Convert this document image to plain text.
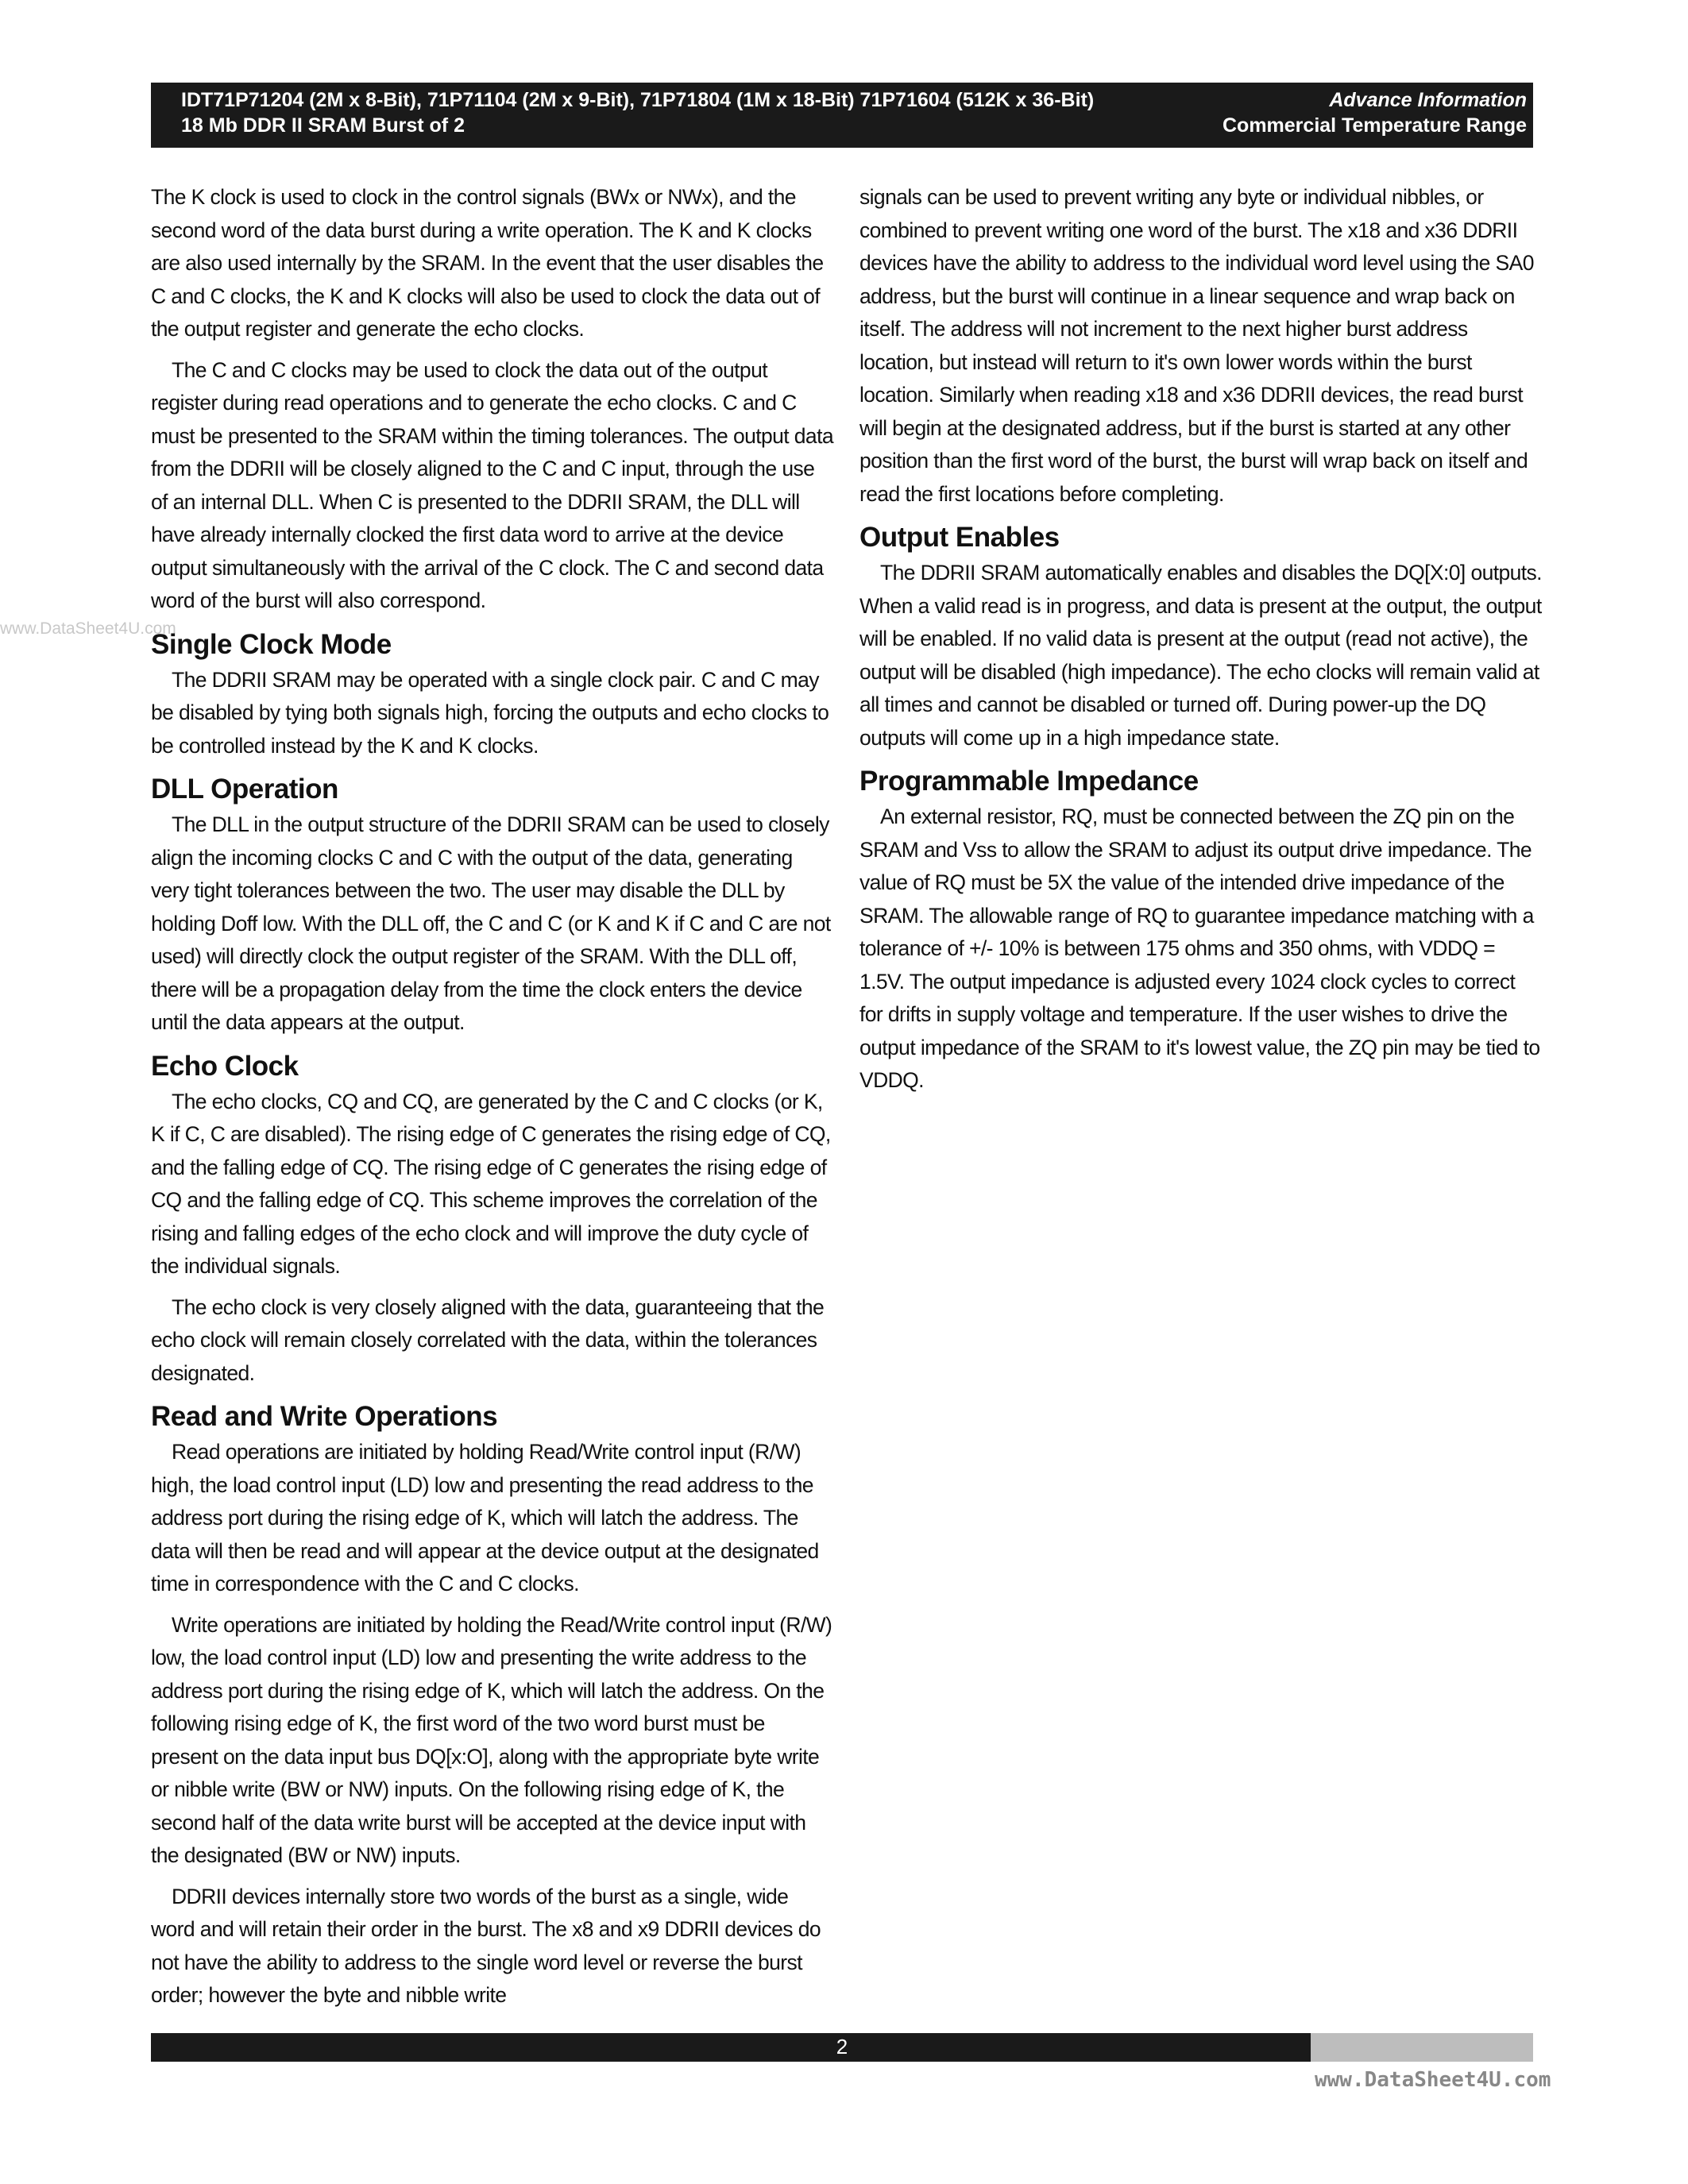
IDT71P71204 (2M x 8-Bit), 71P71104 (2M x 9-Bit), 71P71804 (1M x 18-Bit) 71P71604 (512K x 36-Bit)	Advance Information
18 Mb DDR II SRAM Burst of 2	Commercial Temperature Range
www.DataSheet4U.com

The K clock is used to clock in the control signals (BWx or NWx), and the second word of the data burst during a write operation. The K and K clocks are also used internally by the SRAM. In the event that the user disables the C and C clocks, the K and K clocks will also be used to clock the data out of the output register and generate the echo clocks.

The C and C clocks may be used to clock the data out of the output register during read operations and to generate the echo clocks. C and C must be presented to the SRAM within the timing tolerances. The output data from the DDRII will be closely aligned to the C and C input, through the use of an internal DLL. When C is presented to the DDRII SRAM, the DLL will have already internally clocked the first data word to arrive at the device output simultaneously with the arrival of the C clock. The C and second data word of the burst will also correspond.

Single Clock Mode

The DDRII SRAM may be operated with a single clock pair. C and C may be disabled by tying both signals high, forcing the outputs and echo clocks to be controlled instead by the K and K clocks.

DLL Operation

The DLL in the output structure of the DDRII SRAM can be used to closely align the incoming clocks C and C with the output of the data, generating very tight tolerances between the two. The user may disable the DLL by holding Doff low. With the DLL off, the C and C (or K and K if C and C are not used) will directly clock the output register of the SRAM. With the DLL off, there will be a propagation delay from the time the clock enters the device until the data appears at the output.

Echo Clock

The echo clocks, CQ and CQ, are generated by the C and C clocks (or K, K if C, C are disabled). The rising edge of C generates the rising edge of CQ, and the falling edge of CQ. The rising edge of C generates the rising edge of CQ and the falling edge of CQ. This scheme improves the correlation of the rising and falling edges of the echo clock and will improve the duty cycle of the individual signals.

The echo clock is very closely aligned with the data, guaranteeing that the echo clock will remain closely correlated with the data, within the tolerances designated.

Read and Write Operations

Read operations are initiated by holding Read/Write control input (R/W) high, the load control input (LD) low and presenting the read address to the address port during the rising edge of K, which will latch the address. The data will then be read and will appear at the device output at the designated time in correspondence with the C and C clocks.

Write operations are initiated by holding the Read/Write control input (R/W) low, the load control input (LD) low and presenting the write address to the address port during the rising edge of K, which will latch the address. On the following rising edge of K, the first word of the two word burst must be present on the data input bus DQ[x:O], along with the appropriate byte write or nibble write (BW or NW) inputs. On the following rising edge of K, the second half of the data write burst will be accepted at the device input with the designated (BW or NW) inputs.

DDRII devices internally store two words of the burst as a single, wide word and will retain their order in the burst. The x8 and x9 DDRII devices do not have the ability to address to the single word level or reverse the burst order; however the byte and nibble write

signals can be used to prevent writing any byte or individual nibbles, or combined to prevent writing one word of the burst. The x18 and x36 DDRII devices have the ability to address to the individual word level using the SA0 address, but the burst will continue in a linear sequence and wrap back on itself. The address will not increment to the next higher burst address location, but instead will return to it's own lower words within the burst location. Similarly when reading x18 and x36 DDRII devices, the read burst will begin at the designated address, but if the burst is started at any other position than the first word of the burst, the burst will wrap back on itself and read the first locations before completing.

Output Enables

The DDRII SRAM automatically enables and disables the DQ[X:0] outputs. When a valid read is in progress, and data is present at the output, the output will be enabled. If no valid data is present at the output (read not active), the output will be disabled (high impedance). The echo clocks will remain valid at all times and cannot be disabled or turned off. During power-up the DQ outputs will come up in a high impedance state.

Programmable Impedance

An external resistor, RQ, must be connected between the ZQ pin on the SRAM and Vss to allow the SRAM to adjust its output drive impedance. The value of RQ must be 5X the value of the intended drive impedance of the SRAM. The allowable range of RQ to guarantee impedance matching with a tolerance of +/- 10% is between 175 ohms and 350 ohms, with VDDQ = 1.5V. The output impedance is adjusted every 1024 clock cycles to correct for drifts in supply voltage and temperature. If the user wishes to drive the output impedance of the SRAM to it's lowest value, the ZQ pin may be tied to VDDQ.

2
www.DataSheet4U.com
